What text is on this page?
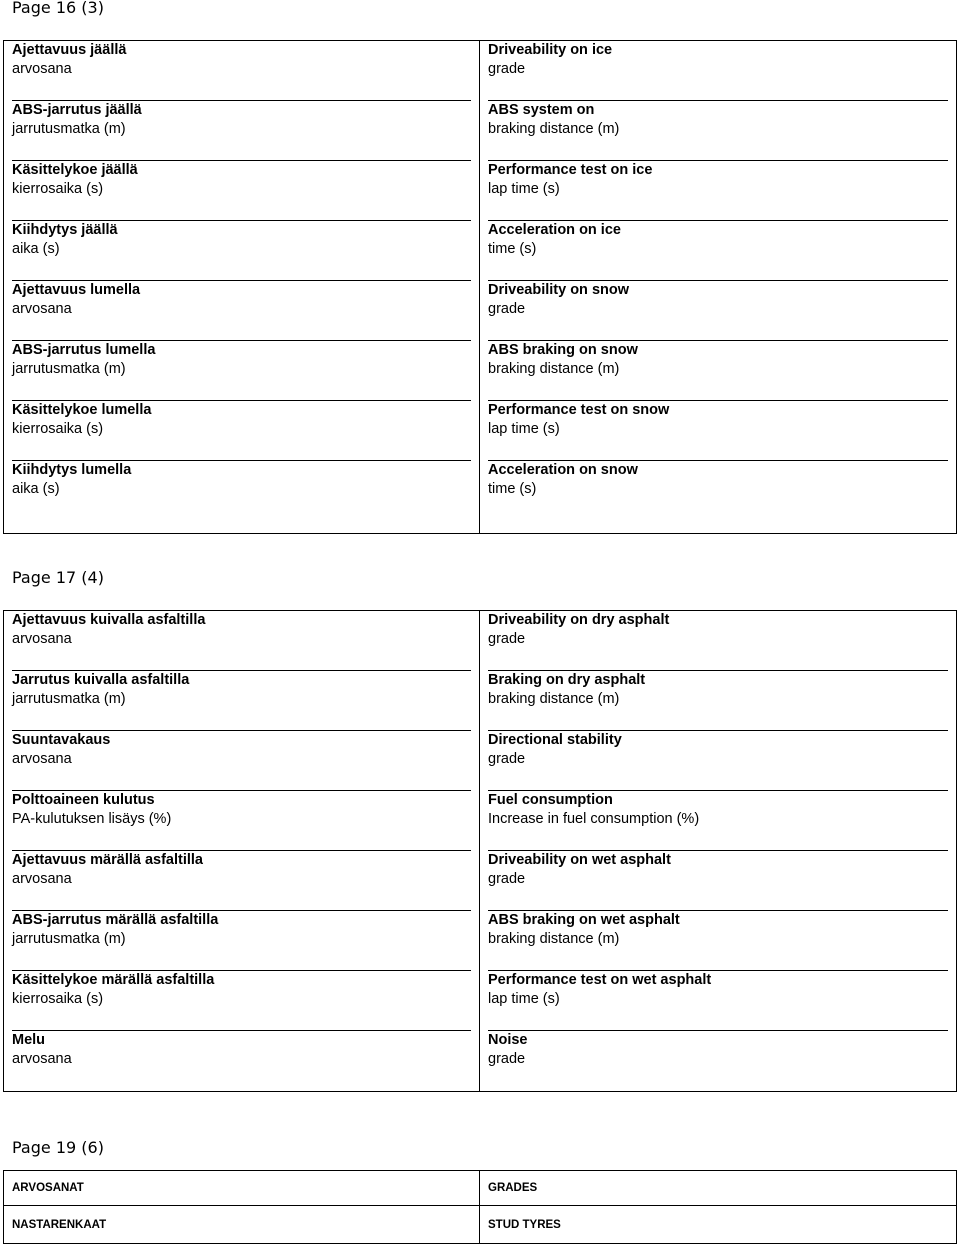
Page 16 (3)
Ajettavuus jäällä
arvosana
ABS-jarrutus jäällä
jarrutusmatka (m)
Käsittelykoe jäällä
kierrosaika (s)
Kiihdytys jäällä
aika (s)
Ajettavuus lumella
arvosana
ABS-jarrutus lumella
jarrutusmatka (m)
Käsittelykoe lumella
kierrosaika (s)
Kiihdytys lumella
aika (s)

Driveability on ice
grade
ABS system on
braking distance (m)
Performance test on ice
lap time (s)
Acceleration on ice
time (s)
Driveability on snow
grade
ABS braking on snow
braking distance (m)
Performance test on snow
lap time (s)
Acceleration on snow
time (s)
Page 17 (4)
Ajettavuus kuivalla asfaltilla
arvosana
Jarrutus kuivalla asfaltilla
jarrutusmatka (m)
Suuntavakaus
arvosana
Polttoaineen kulutus
PA-kulutuksen lisäys (%)
Ajettavuus märällä asfaltilla
arvosana
ABS-jarrutus märällä asfaltilla
jarrutusmatka (m)
Käsittelykoe märällä asfaltilla
kierrosaika (s)
Melu
arvosana

Driveability on dry asphalt
grade
Braking on dry asphalt
braking distance (m)
Directional stability
grade
Fuel consumption
Increase in fuel consumption (%)
Driveability on wet asphalt
grade
ABS braking on wet asphalt
braking distance (m)
Performance test on wet asphalt
lap time (s)
Noise
grade
Page 19 (6)
ARVOSANAT	GRADES

NASTARENKAAT	STUD TYRES
